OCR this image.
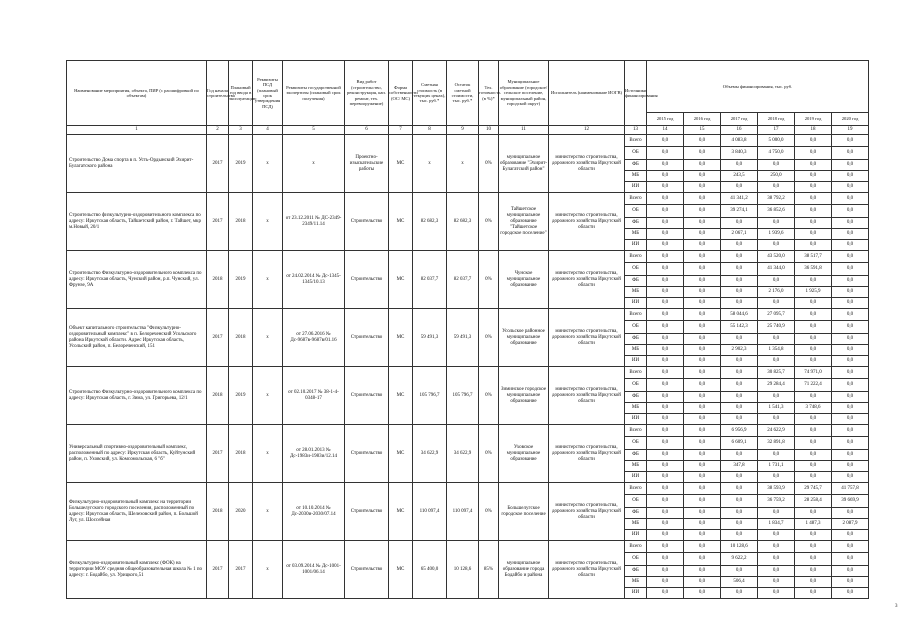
Наименование мероприятия, объекта, ПИР (с расшифровкой по объектам)	Год начала строительства	Плановый год ввода в эксплуатацию	Реквизиты ПСД (плановый срок утверждения ПСД)	Реквизиты государственной экспертизы (плановый срок получения)	Вид работ (строительство, реконструкция, кап. ремонт, тех. перевооружение)	Форма собственности (ОС/ МС)	Сметная стоимость (в текущих ценах), тыс. руб.*	Остаток сметной стоимости, тыс. руб.*	Тех. готовность (в %)*	Муниципальное образование (городское/сельское поселение, муниципальный район, городской округ)	Исполнитель (наименование ИОГВ)	Источники финансирования	Объемы финансирования, тыс. руб.					
													2015 год	2016 год	2017 год	2018 год	2019 год	2020 год
1	2	3	4	5	6	7	8	9	10	11	12	13	14	15	16	17	18	19
Строительство Дома спорта в п. Усть-Ордынский Эхирит-Булагатского района	2017	2019	x	x	Проектно-изыскательские работы	МС	x	x	0%	муниципальное образование "Эхирит-Булагатский район"	министерство строительства, дорожного хозяйства Иркутской области	Всего	0,0	0,0	4 083,8	5 000,0	0,0	0,0
												ОБ	0,0	0,0	3 840,3	4 750,0	0,0	0,0
												ФБ	0,0	0,0	0,0	0,0	0,0	0,0
												МБ	0,0	0,0	243,5	250,0	0,0	0,0
												ИИ	0,0	0,0	0,0	0,0	0,0	0,0
Строительство физкультурно-оздоровительного комплекса по адресу: Иркутская область, Тайшетский район, г. Тайшет, мкр м.Новый, 20/1	2017	2018	x	от 23.12.2011 № ДС-2349-2349/11.14	Строительство	МС	82 682,3	82 682,3	0%	Тайшетское муниципальное образование "Тайшетское городское поселение"	министерство строительства, дорожного хозяйства Иркутской области	Всего	0,0	0,0	41 341,2	38 792,2	0,0	0,0
												ОБ	0,0	0,0	39 274,1	36 852,6	0,0	0,0
												ФБ	0,0	0,0	0,0	0,0	0,0	0,0
												МБ	0,0	0,0	2 067,1	1 939,6	0,0	0,0
												ИИ	0,0	0,0	0,0	0,0	0,0	0,0
Строительство Физкультурно-оздоровительного комплекса по адресу: Иркутская область, Чунский район, р.п. Чунский, ул. Фрунзе, 9А	2018	2019	x	от 24.02.2014 № Дс-1345-1345/10.13	Строительство	МС	82 037,7	82 037,7	0%	Чунское муниципальное образование	министерство строительства, дорожного хозяйства Иркутской области	Всего	0,0	0,0	0,0	43 520,0	38 517,7	0,0
												ОБ	0,0	0,0	0,0	41 344,0	36 591,8	0,0
												ФБ	0,0	0,0	0,0	0,0	0,0	0,0
												МБ	0,0	0,0	0,0	2 176,0	1 925,9	0,0
												ИИ	0,0	0,0	0,0	0,0	0,0	0,0
Объект капитального строительства "Физкультурно-оздоровительный комплекс" в п. Белореченский Усольского района Иркутской области. Адрес Иркутская область, Усольский район, п. Белореченский, 151	2017	2018	x	от 27.06.2016 № Дс-9687в-9687в/01.16	Строительство	МС	59 491,3	59 491,3	0%	Усольское районное муниципальное образование	министерство строительства, дорожного хозяйства Иркутской области	Всего	0,0	0,0	58 044,6	27 095,7	0,0	0,0
												ОБ	0,0	0,0	55 142,3	25 740,9	0,0	0,0
												ФБ	0,0	0,0	0,0	0,0	0,0	0,0
												МБ	0,0	0,0	2 902,3	1 354,8	0,0	0,0
												ИИ	0,0	0,0	0,0	0,0	0,0	0,0
Строительство Физкультурно-оздоровительного комплекса по адресу: Иркутская область, г. Зима, ул. Григорьева, 12/1	2018	2019	x	от 02.10.2017 № 38-1-4-0348-17	Строительство	МС	105 796,7	105 796,7	0%	Зиминское городское муниципальное образование	министерство строительства, дорожного хозяйства Иркутской области	Всего	0,0	0,0	0,0	30 825,7	74 971,0	0,0
												ОБ	0,0	0,0	0,0	29 284,4	71 222,4	0,0
												ФБ	0,0	0,0	0,0	0,0	0,0	0,0
												МБ	0,0	0,0	0,0	1 541,3	3 748,6	0,0
												ИИ	0,0	0,0	0,0	0,0	0,0	0,0
Универсальный спортивно-оздоровительный комплекс, расположенный по адресу: Иркутская область, Куйтунский район, п. Уховский, ул. Комсомольская, 6 "б"	2017	2018	x	от 28.01.2013 № Дс-1983и-1983и/12.14	Строительство	МС	34 622,9	34 622,9	0%	Уховское муниципальное образование	министерство строительства, дорожного хозяйства Иркутской области	Всего	0,0	0,0	6 956,9	24 622,9	0,0	0,0
												ОБ	0,0	0,0	6 609,1	32 891,8	0,0	0,0
												ФБ	0,0	0,0	0,0	0,0	0,0	0,0
												МБ	0,0	0,0	347,8	1 731,1	0,0	0,0
												ИИ	0,0	0,0	0,0	0,0	0,0	0,0
Физкультурно-оздоровительный комплекс на территории Большелугского городского поселения, расположенный по адресу: Иркутская область, Шелеховский район, п. Большой Луг, ул. Шоссейная	2018	2020	x	от 10.10.2014 № Дс-2030и-2030/07.14	Строительство	МС	110 097,4	110 097,4	0%	Большелугское городское поселение	министерство строительства, дорожного хозяйства Иркутской области	Всего	0,0	0,0	0,0	38 593,9	29 745,7	41 757,8
												ОБ	0,0	0,0	0,0	36 759,2	28 258,4	39 669,9
												ФБ	0,0	0,0	0,0	0,0	0,0	0,0
												МБ	0,0	0,0	0,0	1 834,7	1 487,3	2 087,9
												ИИ	0,0	0,0	0,0	0,0	0,0	0,0
Физкультурно-оздоровительный комплекс (ФОК) на территории МОУ средняя общеобразовательная школа № 1 по адресу: г. Бодайбо, ул. Урицкого,51	2017	2017	x	от 03.09.2014 № Дс-1001-1001/06.14	Строительство	МС	65 400,0	10 128,6	85%	муниципальное образование города Бодайбо и района	министерство строительства, дорожного хозяйства Иркутской области	Всего	0,0	0,0	10 128,6	0,0	0,0	0,0
												ОБ	0,0	0,0	9 622,2	0,0	0,0	0,0
												ФБ	0,0	0,0	0,0	0,0	0,0	0,0
												МБ	0,0	0,0	506,4	0,0	0,0	0,0
												ИИ	0,0	0,0	0,0	0,0	0,0	0,0
3
